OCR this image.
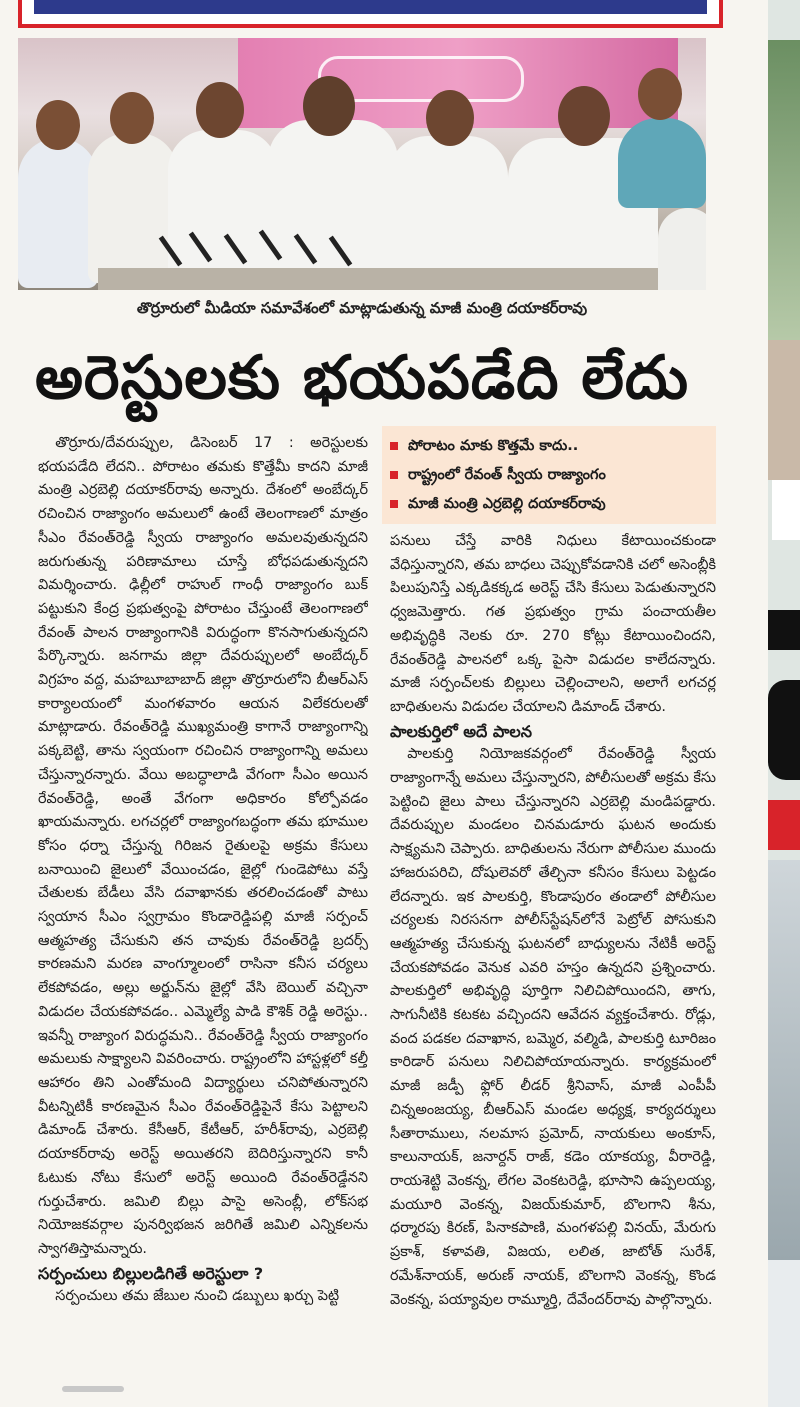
తొర్రూరులో మీడియా సమావేశంలో మాట్లాడుతున్న మాజీ మంత్రి దయాకర్‌రావు
అరెస్టులకు భయపడేది లేదు

తొర్రూరు/దేవరుప్పుల, డిసెంబర్ 17 : అరెస్టులకు భయపడేది లేదని.. పోరాటం తమకు కొత్తేమీ కాదని మాజీ మంత్రి ఎర్రబెల్లి దయాకర్‌రావు అన్నారు. దేశంలో అంబేద్కర్ రచించిన రాజ్యాంగం అమలులో ఉంటే తెలంగాణలో మాత్రం సీఎం రేవంత్‌రెడ్డి స్వీయ రాజ్యాంగం అమలవుతున్నదని జరుగుతున్న పరిణామాలు చూస్తే బోధపడుతున్నదని విమర్శించారు. ఢిల్లీలో రాహుల్ గాంధీ రాజ్యాంగం బుక్ పట్టుకుని కేంద్ర ప్రభుత్వంపై పోరాటం చేస్తుంటే తెలంగాణలో రేవంత్ పాలన రాజ్యాంగానికి విరుద్ధంగా కొనసాగుతున్నదని పేర్కొన్నారు. జనగామ జిల్లా దేవరుప్పులలో అంబేద్కర్ విగ్రహం వద్ద, మహబూబాబాద్ జిల్లా తొర్రూరులోని బీఆర్‌ఎస్ కార్యాలయంలో మంగళవారం ఆయన విలేకరులతో మాట్లాడారు. రేవంత్‌రెడ్డి ముఖ్యమంత్రి కాగానే రాజ్యాంగాన్ని పక్కబెట్టి, తాను స్వయంగా రచించిన రాజ్యాంగాన్ని అమలు చేస్తున్నారన్నారు. వేయి అబద్ధాలాడి వేగంగా సీఎం అయిన రేవంత్‌రెడ్డి, అంతే వేగంగా అధికారం కోల్పోవడం ఖాయమన్నారు. లగచర్లలో రాజ్యాంగబద్ధంగా తమ భూముల కోసం ధర్నా చేస్తున్న గిరిజన రైతులపై అక్రమ కేసులు బనాయించి జైలులో వేయించడం, జైల్లో గుండెపోటు వస్తే చేతులకు బేడీలు వేసి దవాఖానకు తరలించడంతో పాటు స్వయాన సీఎం స్వగ్రామం కొండారెడ్డిపల్లి మాజీ సర్పంచ్ ఆత్మహత్య చేసుకుని తన చావుకు రేవంత్‌రెడ్డి బ్రదర్స్ కారణమని మరణ వాంగ్మూలంలో రాసినా కనీస చర్యలు లేకపోవడం, అల్లు అర్జున్‌ను జైల్లో వేసి బెయిల్ వచ్చినా విడుదల చేయకపోవడం.. ఎమ్మెల్యే పాడి కౌశిక్ రెడ్డి అరెస్టు.. ఇవన్నీ రాజ్యాంగ విరుద్ధమని.. రేవంత్‌రెడ్డి స్వీయ రాజ్యాంగం అమలుకు సాక్ష్యాలని వివరించారు. రాష్ట్రంలోని హాస్టళ్లలో కల్తీ ఆహారం తిని ఎంతోమంది విద్యార్థులు చనిపోతున్నారని వీటన్నిటికీ కారణమైన సీఎం రేవంత్‌రెడ్డిపైనే కేసు పెట్టాలని డిమాండ్ చేశారు. కేసీఆర్, కేటీఆర్, హరీశ్‌రావు, ఎర్రబెల్లి దయాకర్‌రావు అరెస్ట్ అయితరని బెదిరిస్తున్నారని కానీ ఓటుకు నోటు కేసులో అరెస్ట్ అయింది రేవంత్‌రెడ్డేనని గుర్తుచేశారు. జమిలి బిల్లు పాసై అసెంబ్లీ, లోక్‌సభ నియోజకవర్గాల పునర్విభజన జరిగితే జమిలి ఎన్నికలను స్వాగతిస్తామన్నారు.

సర్పంచులు బిల్లులడిగితే అరెస్టులా ?

సర్పంచులు తమ జేబుల నుంచి డబ్బులు ఖర్చు పెట్టి

పోరాటం మాకు కొత్తమే కాదు..
రాష్ట్రంలో రేవంత్ స్వీయ రాజ్యాంగం
మాజీ మంత్రి ఎర్రబెల్లి దయాకర్‌రావు

పనులు చేస్తే వారికి నిధులు కేటాయించకుండా వేధిస్తున్నారని, తమ బాధలు చెప్పుకోవడానికి చలో అసెంబ్లీకి పిలుపునిస్తే ఎక్కడికక్కడ అరెస్ట్ చేసి కేసులు పెడుతున్నారని ధ్వజమెత్తారు. గత ప్రభుత్వం గ్రామ పంచాయతీల అభివృద్ధికి నెలకు రూ. 270 కోట్లు కేటాయించిందని, రేవంత్‌రెడ్డి పాలనలో ఒక్క పైసా విడుదల కాలేదన్నారు. మాజీ సర్పంచ్‌లకు బిల్లులు చెల్లించాలని, అలాగే లగచర్ల బాధితులను విడుదల చేయాలని డిమాండ్ చేశారు.

పాలకుర్తిలో అదే పాలన

పాలకుర్తి నియోజకవర్గంలో రేవంత్‌రెడ్డి స్వీయ రాజ్యాంగాన్నే అమలు చేస్తున్నారని, పోలీసులతో అక్రమ కేసు పెట్టించి జైలు పాలు చేస్తున్నారని ఎర్రబెల్లి మండిపడ్డారు. దేవరుప్పుల మండలం చినమడూరు ఘటన అందుకు సాక్ష్యమని చెప్పారు. బాధితులను నేరుగా పోలీసుల ముందు హాజరుపరిచి, దోషులెవరో తేల్చినా కనీసం కేసులు పెట్టడం లేదన్నారు. ఇక పాలకుర్తి, కొండాపురం తండాలో పోలీసుల చర్యలకు నిరసనగా పోలీస్‌స్టేషన్‌లోనే పెట్రోల్ పోసుకుని ఆత్మహత్య చేసుకున్న ఘటనలో బాధ్యులను నేటికీ అరెస్ట్ చేయకపోవడం వెనుక ఎవరి హస్తం ఉన్నదని ప్రశ్నించారు. పాలకుర్తిలో అభివృద్ధి పూర్తిగా నిలిచిపోయిందని, తాగు, సాగునీటికి కటకట వచ్చిందని ఆవేదన వ్యక్తంచేశారు. రోడ్లు, వంద పడకల దవాఖాన, బమ్మెర, వల్మిడి, పాలకుర్తి టూరిజం కారిడార్ పనులు నిలిచిపోయాయన్నారు. కార్యక్రమంలో మాజీ జడ్పీ ఫ్లోర్ లీడర్ శ్రీనివాస్, మాజీ ఎంపీపీ చిన్నఅంజయ్య, బీఆర్‌ఎస్ మండల అధ్యక్ష, కార్యదర్శులు సీతారాములు, నలమాస ప్రమోద్, నాయకులు అంకూస్, కాలునాయక్, జనార్దన్ రాజ్, కడెం యాకయ్య, వీరారెడ్డి, రాయశెట్టి వెంకన్న, లేగల వెంకటరెడ్డి, భూసాని ఉప్పలయ్య, మయూరి వెంకన్న, విజయ్‌కుమార్, బొలగాని శీను, ధర్మారపు కిరణ్, పినాకపాణి, మంగళపల్లి వినయ్, మేరుగు ప్రకాశ్, కళావతి, విజయ, లలిత, జాటోత్ సురేశ్, రమేశ్‌నాయక్, అరుణ్ నాయక్, బొలగాని వెంకన్న, కొండ వెంకన్న, పయ్యావుల రామ్మూర్తి, దేవేందర్‌రావు పాల్గొన్నారు.
